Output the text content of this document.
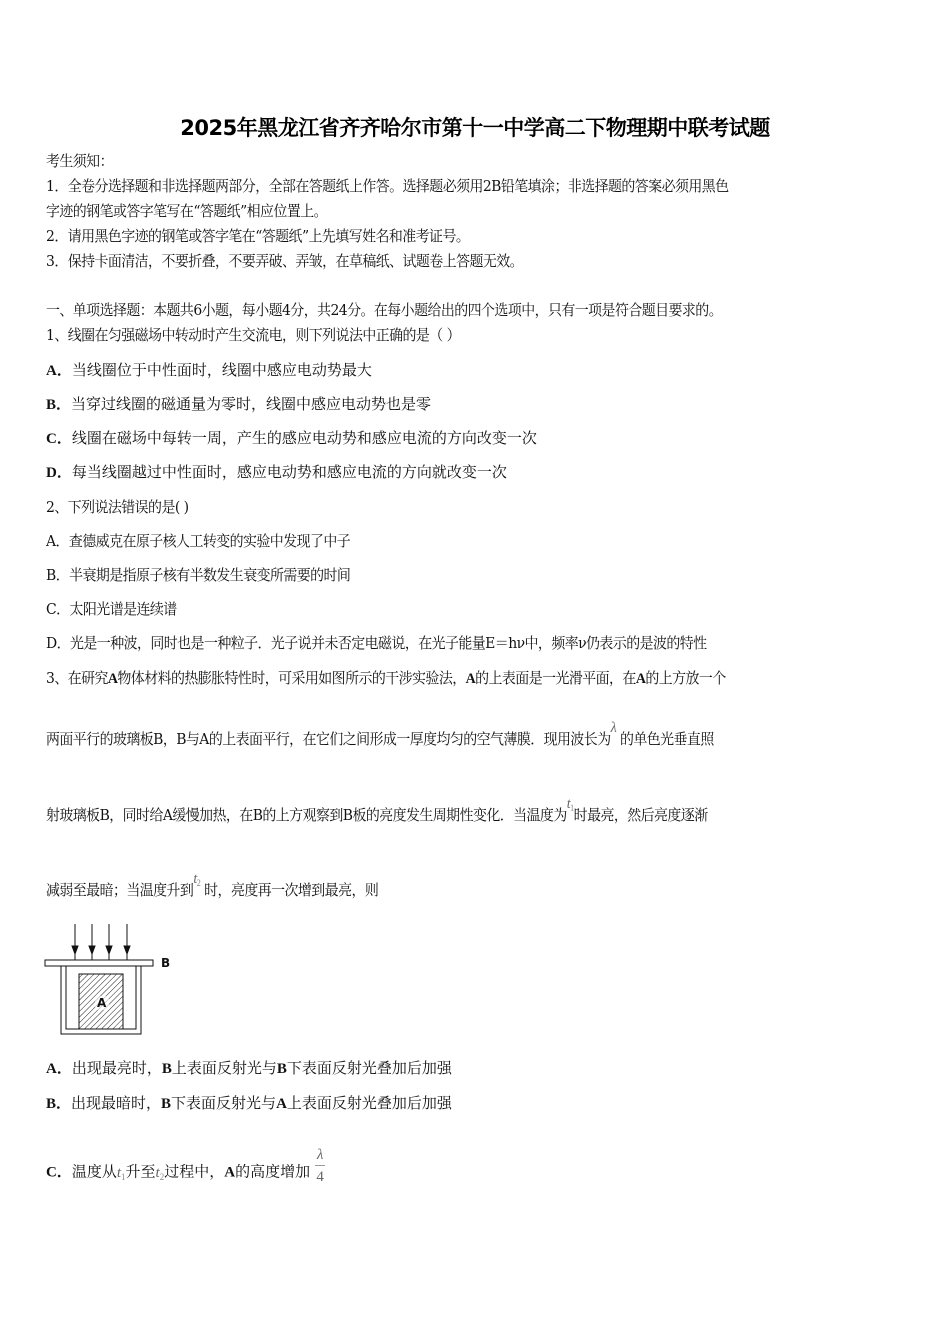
2025年黑龙江省齐齐哈尔市第十一中学高二下物理期中联考试题
考生须知：
1．全卷分选择题和非选择题两部分，全部在答题纸上作答。选择题必须用2B铅笔填涂；非选择题的答案必须用黑色
字迹的钢笔或答字笔写在“答题纸”相应位置上。
2．请用黑色字迹的钢笔或答字笔在“答题纸”上先填写姓名和准考证号。
3．保持卡面清洁，不要折叠，不要弄破、弄皱，在草稿纸、试题卷上答题无效。
一、单项选择题：本题共6小题，每小题4分，共24分。在每小题给出的四个选项中，只有一项是符合题目要求的。
1、线圈在匀强磁场中转动时产生交流电，则下列说法中正确的是（ ）
A．当线圈位于中性面时，线圈中感应电动势最大
B．当穿过线圈的磁通量为零时，线圈中感应电动势也是零
C．线圈在磁场中每转一周，产生的感应电动势和感应电流的方向改变一次
D．每当线圈越过中性面时，感应电动势和感应电流的方向就改变一次
2、下列说法错误的是( )
A．查德威克在原子核人工转变的实验中发现了中子
B．半衰期是指原子核有半数发生衰变所需要的时间
C．太阳光谱是连续谱
D．光是一种波，同时也是一种粒子．光子说并未否定电磁说，在光子能量E＝hν中，频率ν仍表示的是波的特性
3、在研究A物体材料的热膨胀特性时，可采用如图所示的干涉实验法，A的上表面是一光滑平面，在A的上方放一个
两面平行的玻璃板B，B与A的上表面平行，在它们之间形成一厚度均匀的空气薄膜．现用波长为λ 的单色光垂直照
射玻璃板B，同时给A缓慢加热，在B的上方观察到B板的亮度发生周期性变化．当温度为$t_1$时最亮，然后亮度逐渐
减弱至最暗；当温度升到$t_2$ 时，亮度再一次增到最亮，则
B
A
A．出现最亮时，B上表面反射光与B下表面反射光叠加后加强
B．出现最暗时，B下表面反射光与A上表面反射光叠加后加强
C．温度从$t_1$升至$t_2$过程中，A的高度增加 $\frac{\lambda}{4}$
